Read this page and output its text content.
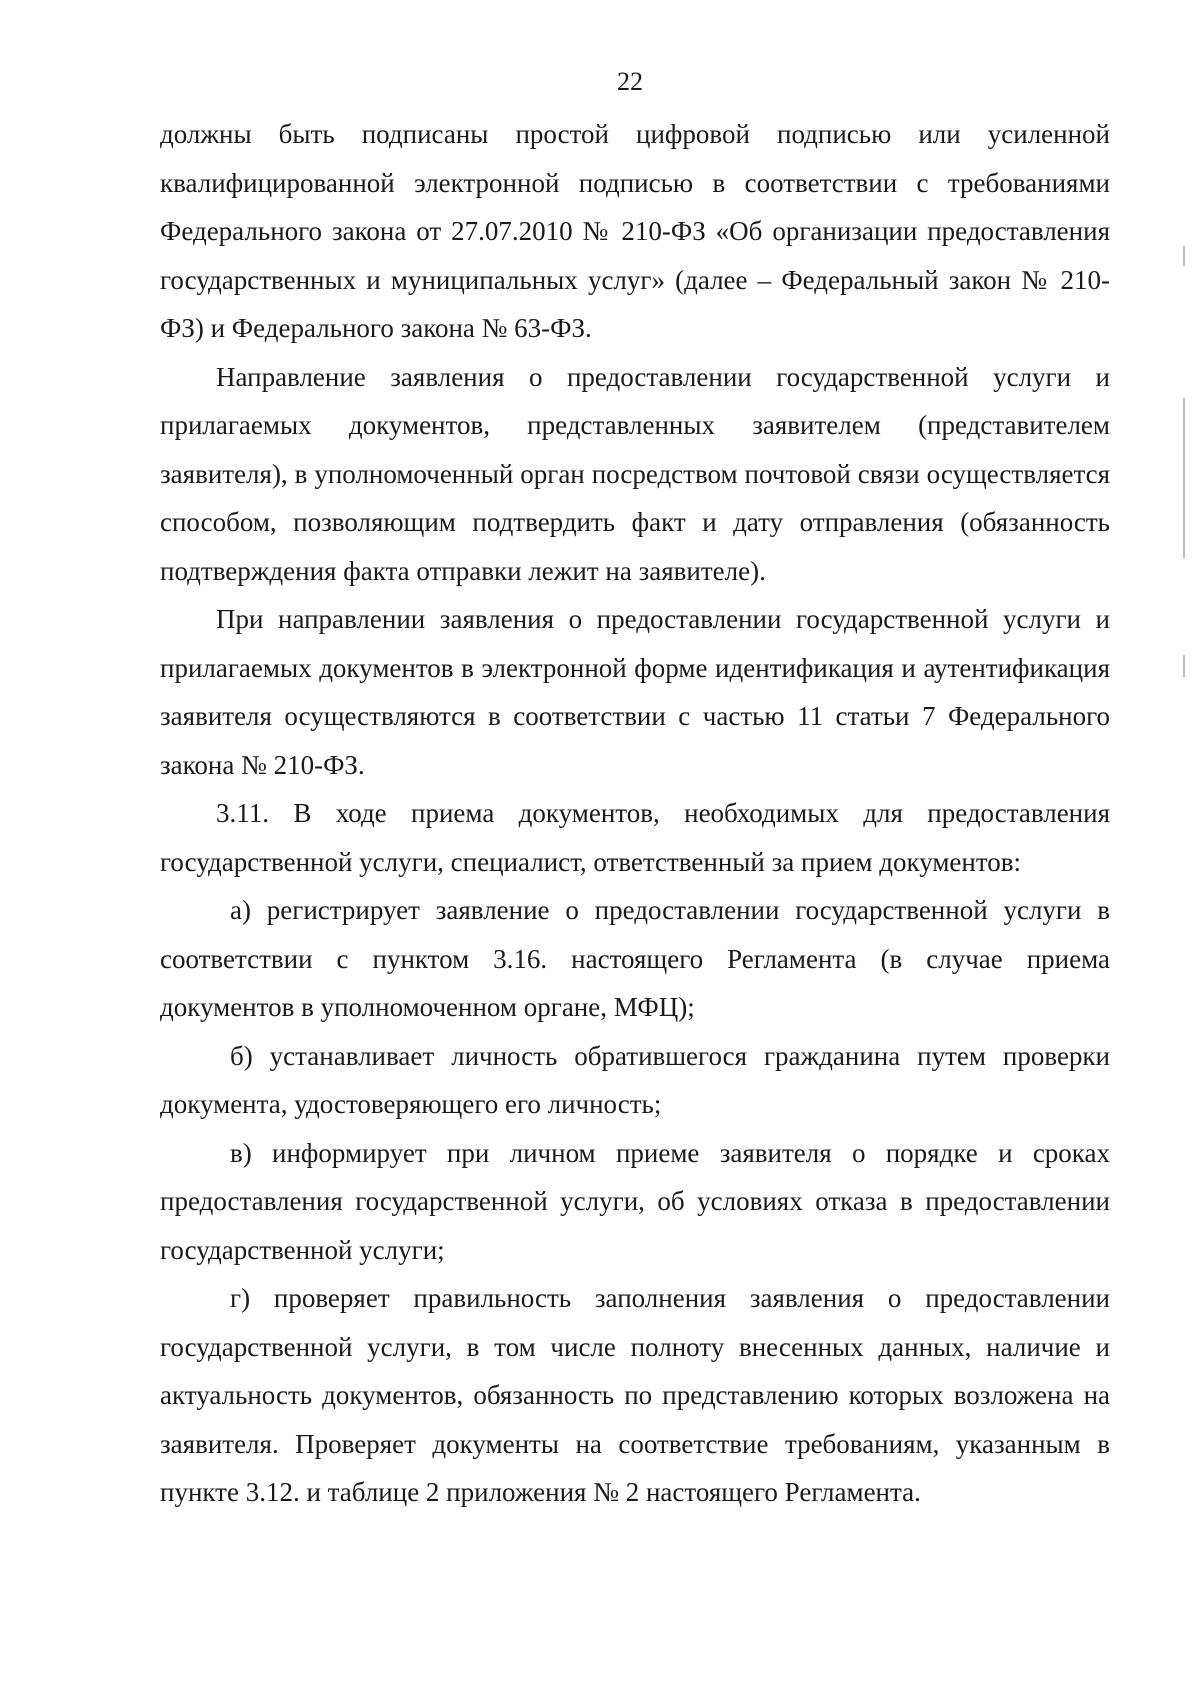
22

должны быть подписаны простой цифровой подписью или усиленной квалифицированной электронной подписью в соответствии с требованиями Федерального закона от 27.07.2010 № 210-ФЗ «Об организации предоставления государственных и муниципальных услуг» (далее – Федеральный закон № 210-ФЗ) и Федерального закона № 63-ФЗ.

Направление заявления о предоставлении государственной услуги и прилагаемых документов, представленных заявителем (представителем заявителя), в уполномоченный орган посредством почтовой связи осуществляется способом, позволяющим подтвердить факт и дату отправления (обязанность подтверждения факта отправки лежит на заявителе).

При направлении заявления о предоставлении государственной услуги и прилагаемых документов в электронной форме идентификация и аутентификация заявителя осуществляются в соответствии с частью 11 статьи 7 Федерального закона № 210-ФЗ.

3.11. В ходе приема документов, необходимых для предоставления государственной услуги, специалист, ответственный за прием документов:

а) регистрирует заявление о предоставлении государственной услуги в соответствии с пунктом 3.16. настоящего Регламента (в случае приема документов в уполномоченном органе, МФЦ);

б) устанавливает личность обратившегося гражданина путем проверки документа, удостоверяющего его личность;

в) информирует при личном приеме заявителя о порядке и сроках предоставления государственной услуги, об условиях отказа в предоставлении государственной услуги;

г) проверяет правильность заполнения заявления о предоставлении государственной услуги, в том числе полноту внесенных данных, наличие и актуальность документов, обязанность по представлению которых возложена на заявителя. Проверяет документы на соответствие требованиям, указанным в пункте 3.12. и таблице 2 приложения № 2 настоящего Регламента.
